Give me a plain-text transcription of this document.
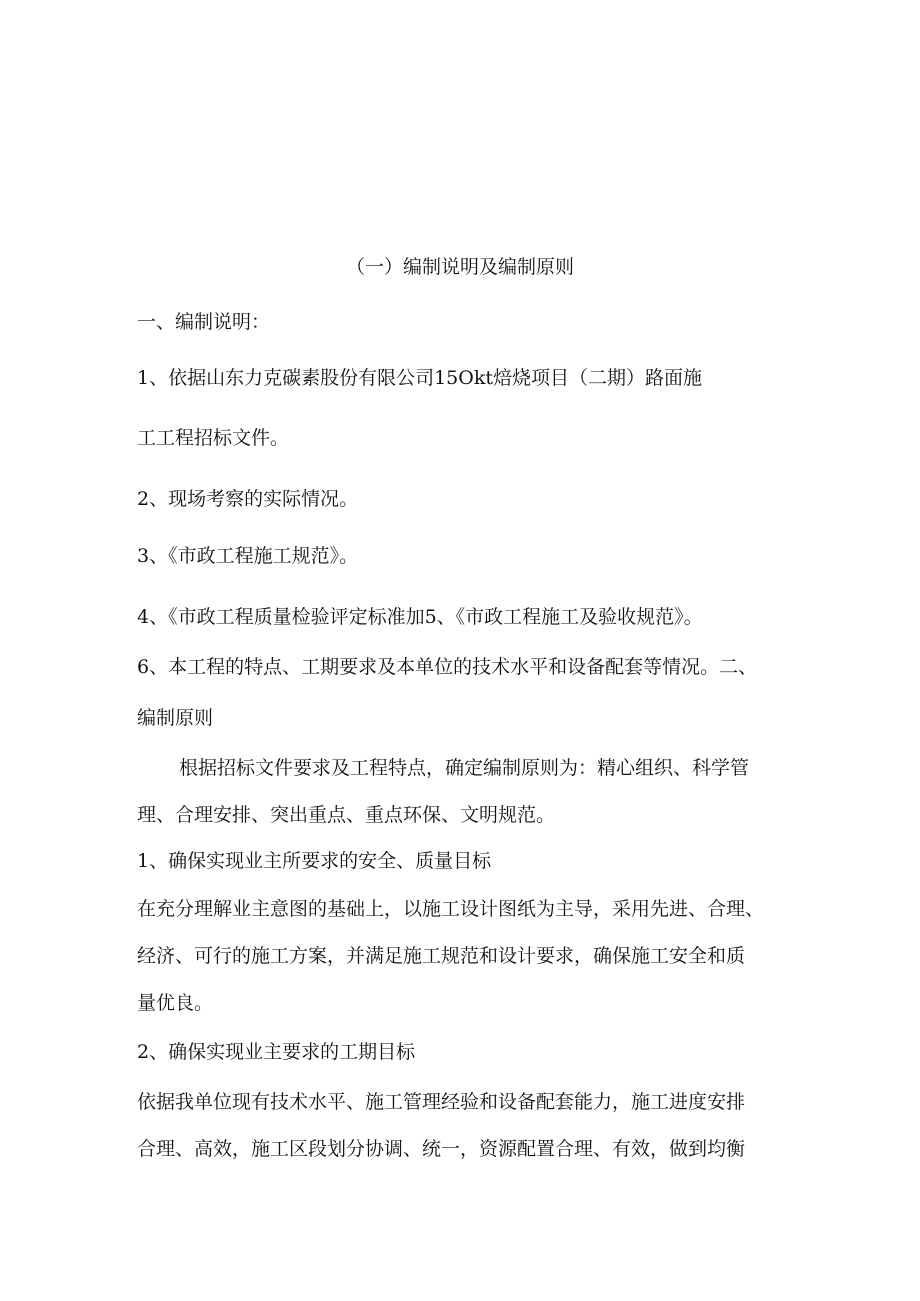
（一）编制说明及编制原则

一、编制说明：

1、依据山东力克碳素股份有限公司15Okt焙烧项目（二期）路面施

工工程招标文件。

2、现场考察的实际情况。

3、《市政工程施工规范》。

4、《市政工程质量检验评定标准加5、《市政工程施工及验收规范》。

6、本工程的特点、工期要求及本单位的技术水平和设备配套等情况。二、

编制原则

根据招标文件要求及工程特点，确定编制原则为：精心组织、科学管

理、合理安排、突出重点、重点环保、文明规范。

1、确保实现业主所要求的安全、质量目标

在充分理解业主意图的基础上，以施工设计图纸为主导，采用先进、合理、

经济、可行的施工方案，并满足施工规范和设计要求，确保施工安全和质

量优良。

2、确保实现业主要求的工期目标

依据我单位现有技术水平、施工管理经验和设备配套能力，施工进度安排

合理、高效，施工区段划分协调、统一，资源配置合理、有效，做到均衡
